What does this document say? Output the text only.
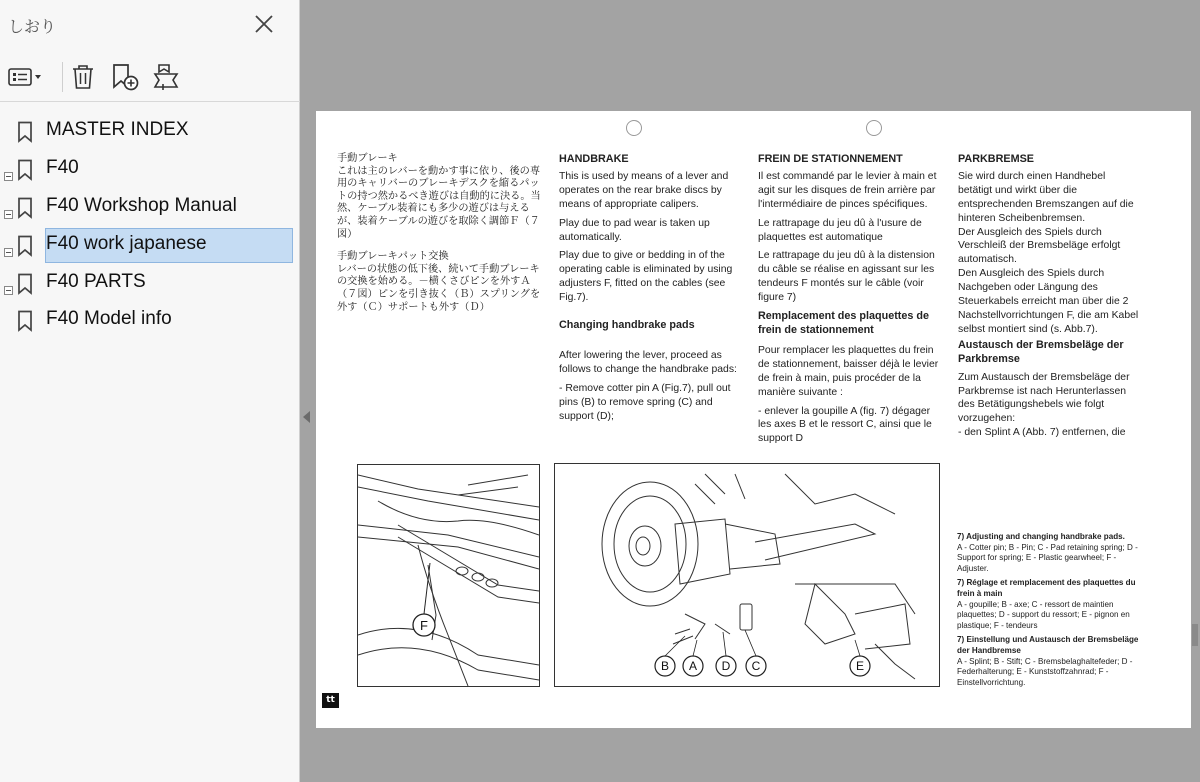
しおり
MASTER INDEX
F40
F40 Workshop Manual
F40 work japanese
F40 PARTS
F40 Model info
手動ブレーキ

これは主のレバーを動かす事に依り、後の専用のキャリバーのブレーキデスクを縮るパットの持つ然かるべき遊びは自動的に決る。当然、ケーブル装着にも多少の遊びは与えるが、装着ケーブルの遊びを取除く調節Ｆ（７図）

手動ブレーキパット交換

レバーの状態の低下後、続いて手動ブレーキの交換を始める。－横くさびピンを外すＡ（７図）ピンを引き抜く（Ｂ）スプリングを外す（Ｃ）サポートも外す（Ｄ）

HANDBRAKE

This is used by means of a lever and operates on the rear brake discs by means of appropriate calipers.

Play due to pad wear is taken up automatically.

Play due to give or bedding in of the operating cable is eliminated by using adjusters F, fitted on the cables (see Fig.7).

Changing handbrake pads

After lowering the lever, proceed as follows to change the handbrake pads:

- Remove cotter pin A (Fig.7), pull out pins (B) to remove spring (C) and support (D);

FREIN DE STATIONNEMENT

Il est commandé par le levier à main et agit sur les disques de frein arrière par l'intermédiaire de pinces spécifiques.

Le rattrapage du jeu dû à l'usure de plaquettes est automatique

Le rattrapage du jeu dû à la distension du câble se réalise en agissant sur les tendeurs F montés sur le câble (voir figure 7)

Remplacement des plaquettes de frein de stationnement

Pour remplacer les plaquettes du frein de stationnement, baisser déjà le levier de frein à main, puis procéder de la manière suivante :

- enlever la goupille A (fig. 7) dégager les axes B et le ressort C, ainsi que le support D

PARKBREMSE

Sie wird durch einen Handhebel betätigt und wirkt über die entsprechenden Bremszangen auf die hinteren Scheibenbremsen.

Der Ausgleich des Spiels durch Verschleiß der Bremsbeläge erfolgt automatisch.

Den Ausgleich des Spiels durch Nachgeben oder Längung des Steuerkabels erreicht man über die 2 Nachstellvorrichtungen F, die am Kabel selbst montiert sind (s. Abb.7).

Austausch der Bremsbeläge der Parkbremse

Zum Austausch der Bremsbeläge der Parkbremse ist nach Herunterlassen des Betätigungshebels wie folgt vorzugehen:

- den Splint A (Abb. 7) entfernen, die

F
B A D C	E

7) Adjusting and changing handbrake pads.
A - Cotter pin; B - Pin; C - Pad retaining spring; D - Support for spring; E - Plastic gearwheel; F - Adjuster.

7) Réglage et remplacement des plaquettes du frein à main
A - goupille; B - axe; C - ressort de maintien plaquettes; D - support du ressort; E - pignon en plastique; F - tendeurs

7) Einstellung und Austausch der Bremsbeläge der Handbremse
A - Splint; B - Stift; C - Bremsbelaghaltefeder; D - Federhalterung; E - Kunststoffzahnrad; F - Einstellvorrichtung.

tt
